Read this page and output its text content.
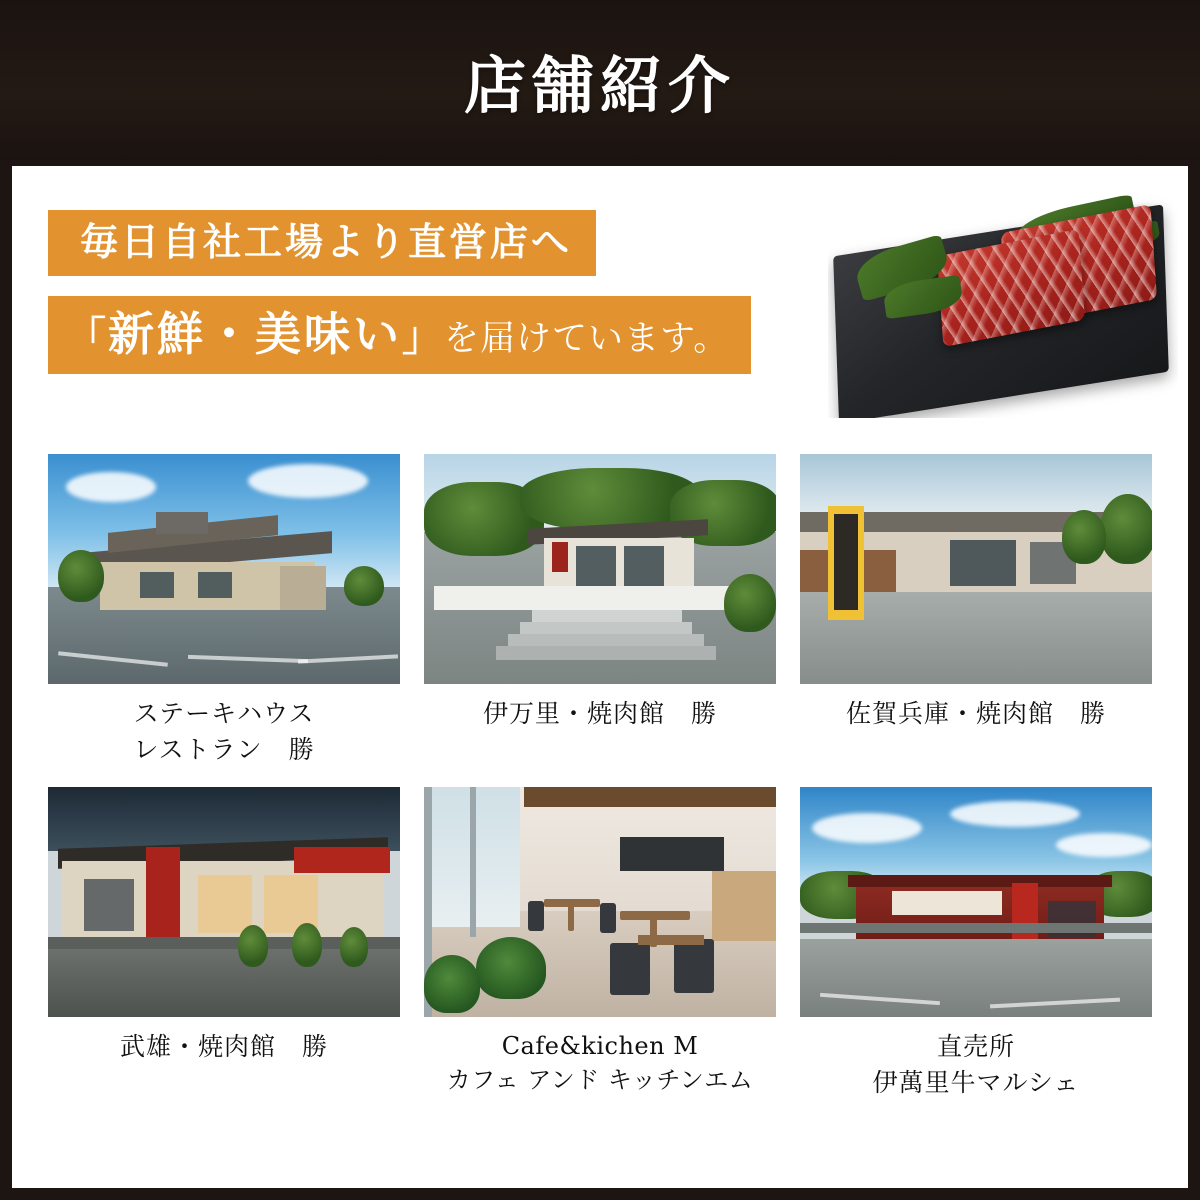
店舗紹介
毎日自社工場より直営店へ 「新鮮・美味い」を届けています。
ステーキハウス
レストラン　勝
伊万里・焼肉館　勝	佐賀兵庫・焼肉館　勝
武雄・焼肉館　勝	Cafe&kichen M
カフェ アンド キッチンエム
直売所
伊萬里牛マルシェ
